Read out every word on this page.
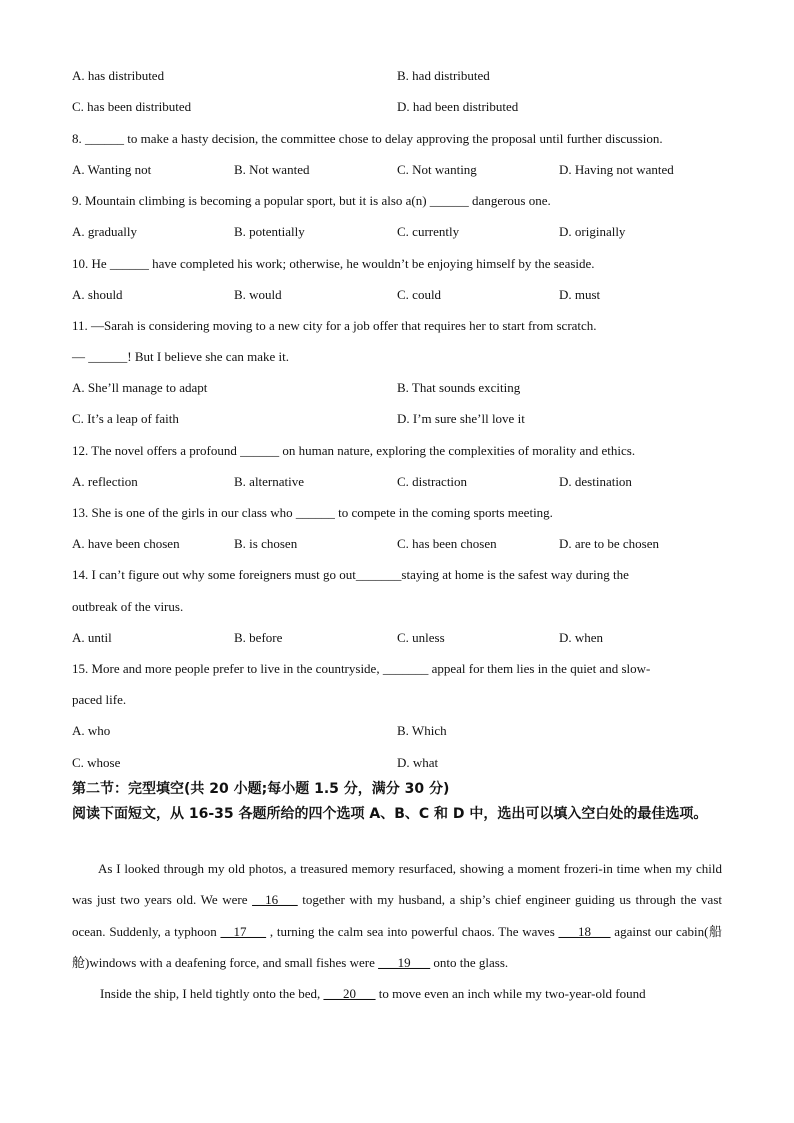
A. has distributed	B. had distributed
C. has been distributed	D. had been distributed
8. ______ to make a hasty decision, the committee chose to delay approving the proposal until further discussion.
A. Wanting not	B. Not wanted	C. Not wanting	D. Having not wanted
9. Mountain climbing is becoming a popular sport, but it is also a(n) ______ dangerous one.
A. gradually	B. potentially	C. currently	D. originally
10. He ______ have completed his work; otherwise, he wouldn’t be enjoying himself by the seaside.
A. should	B. would	C. could	D. must
11. —Sarah is considering moving to a new city for a job offer that requires her to start from scratch.
— ______! But I believe she can make it.
A. She’ll manage to adapt	B. That sounds exciting
C. It’s a leap of faith	D. I’m sure she’ll love it
12. The novel offers a profound ______ on human nature, exploring the complexities of morality and ethics.
A. reflection	B. alternative	C. distraction	D. destination
13. She is one of the girls in our class who ______ to compete in the coming sports meeting.
A. have been chosen	B. is chosen	C. has been chosen	D. are to be chosen
14. I can’t figure out why some foreigners must go out_______staying at home is the safest way during the
outbreak of the virus.
A. until	B. before	C. unless	D. when
15. More and more people prefer to live in the countryside, _______ appeal for them lies in the quiet and slow-
paced life.
A. who	B. Which
C. whose	D. what
第二节：完型填空(共 20 小题;每小题 1.5 分，满分 30 分)
阅读下面短文，从 16-35 各题所给的四个选项 A、B、C 和 D 中，选出可以填入空白处的最佳选项。

As I looked through my old photos, a treasured memory resurfaced, showing a moment frozeri-in time when my child was just two years old. We were __16___ together with my husband, a ship’s chief engineer guiding us through the vast ocean. Suddenly, a typhoon __17___ , turning the calm sea into powerful chaos. The waves ___18___ against our cabin(船舱)windows with a deafening force, and small fishes were ___19___ onto the glass.

Inside the ship, I held tightly onto the bed, ___20___ to move even an inch while my two-year-old found
